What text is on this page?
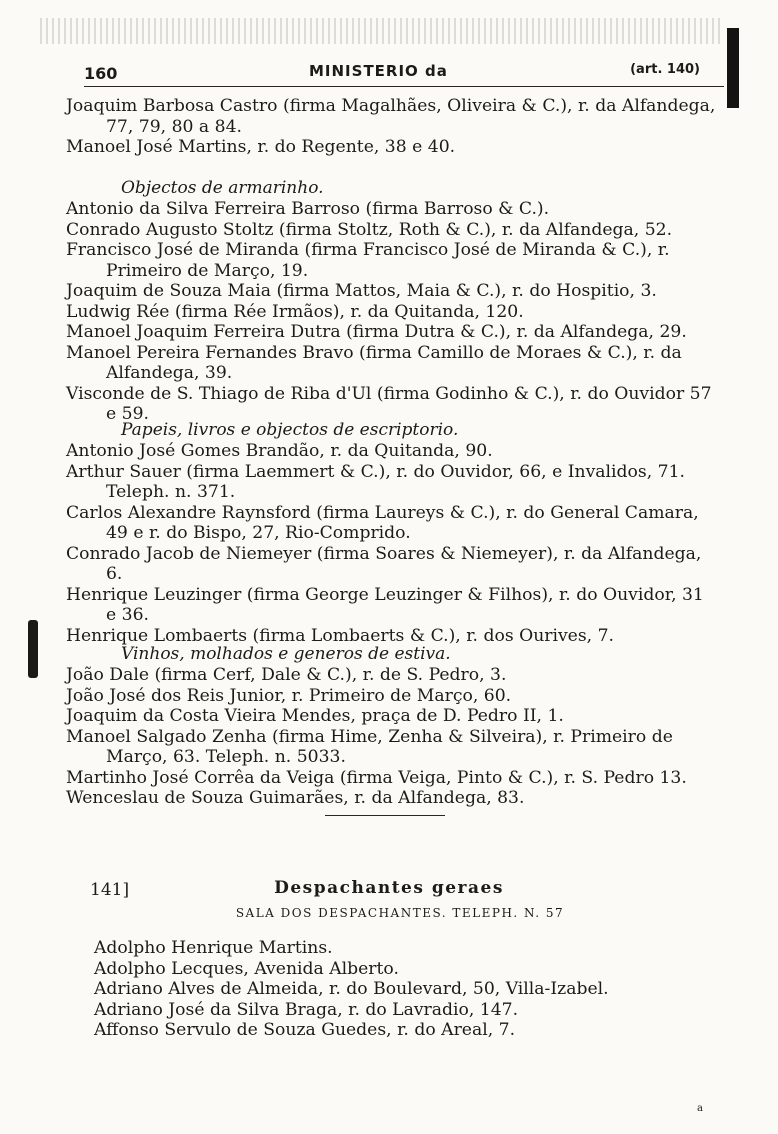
160	MINISTERIO da	(art. 140)
Joaquim Barbosa Castro (firma Magalhães, Oliveira & C.), r. da Alfandega, 77, 79, 80 a 84.
Manoel José Martins, r. do Regente, 38 e 40.
Objectos de armarinho.
Antonio da Silva Ferreira Barroso (firma Barroso & C.).
Conrado Augusto Stoltz (firma Stoltz, Roth & C.), r. da Alfandega, 52.
Francisco José de Miranda (firma Francisco José de Miranda & C.), r. Primeiro de Março, 19.
Joaquim de Souza Maia (firma Mattos, Maia & C.), r. do Hospitio, 3.
Ludwig Rée (firma Rée Irmãos), r. da Quitanda, 120.
Manoel Joaquim Ferreira Dutra (firma Dutra & C.), r. da Alfandega, 29.
Manoel Pereira Fernandes Bravo (firma Camillo de Moraes & C.), r. da Alfandega, 39.
Visconde de S. Thiago de Riba d'Ul (firma Godinho & C.), r. do Ouvidor 57 e 59.
Papeis, livros e objectos de escriptorio.
Antonio José Gomes Brandão, r. da Quitanda, 90.
Arthur Sauer (firma Laemmert & C.), r. do Ouvidor, 66, e Invalidos, 71. Teleph. n. 371.
Carlos Alexandre Raynsford (firma Laureys & C.), r. do General Camara, 49 e r. do Bispo, 27, Rio-Comprido.
Conrado Jacob de Niemeyer (firma Soares & Niemeyer), r. da Alfandega, 6.
Henrique Leuzinger (firma George Leuzinger & Filhos), r. do Ouvidor, 31 e 36.
Henrique Lombaerts (firma Lombaerts & C.), r. dos Ourives, 7.
Vinhos, molhados e generos de estiva.
João Dale (firma Cerf, Dale & C.), r. de S. Pedro, 3.
João José dos Reis Junior, r. Primeiro de Março, 60.
Joaquim da Costa Vieira Mendes, praça de D. Pedro II, 1.
Manoel Salgado Zenha (firma Hime, Zenha & Silveira), r. Primeiro de Março, 63. Teleph. n. 5033.
Martinho José Corrêa da Veiga (firma Veiga, Pinto & C.), r. S. Pedro 13.
Wenceslau de Souza Guimarães, r. da Alfandega, 83.
141]	Despachantes geraes
SALA DOS DESPACHANTES. TELEPH. N. 57
Adolpho Henrique Martins.
Adolpho Lecques, Avenida Alberto.
Adriano Alves de Almeida, r. do Boulevard, 50, Villa-Izabel.
Adriano José da Silva Braga, r. do Lavradio, 147.
Affonso Servulo de Souza Guedes, r. do Areal, 7.
a
